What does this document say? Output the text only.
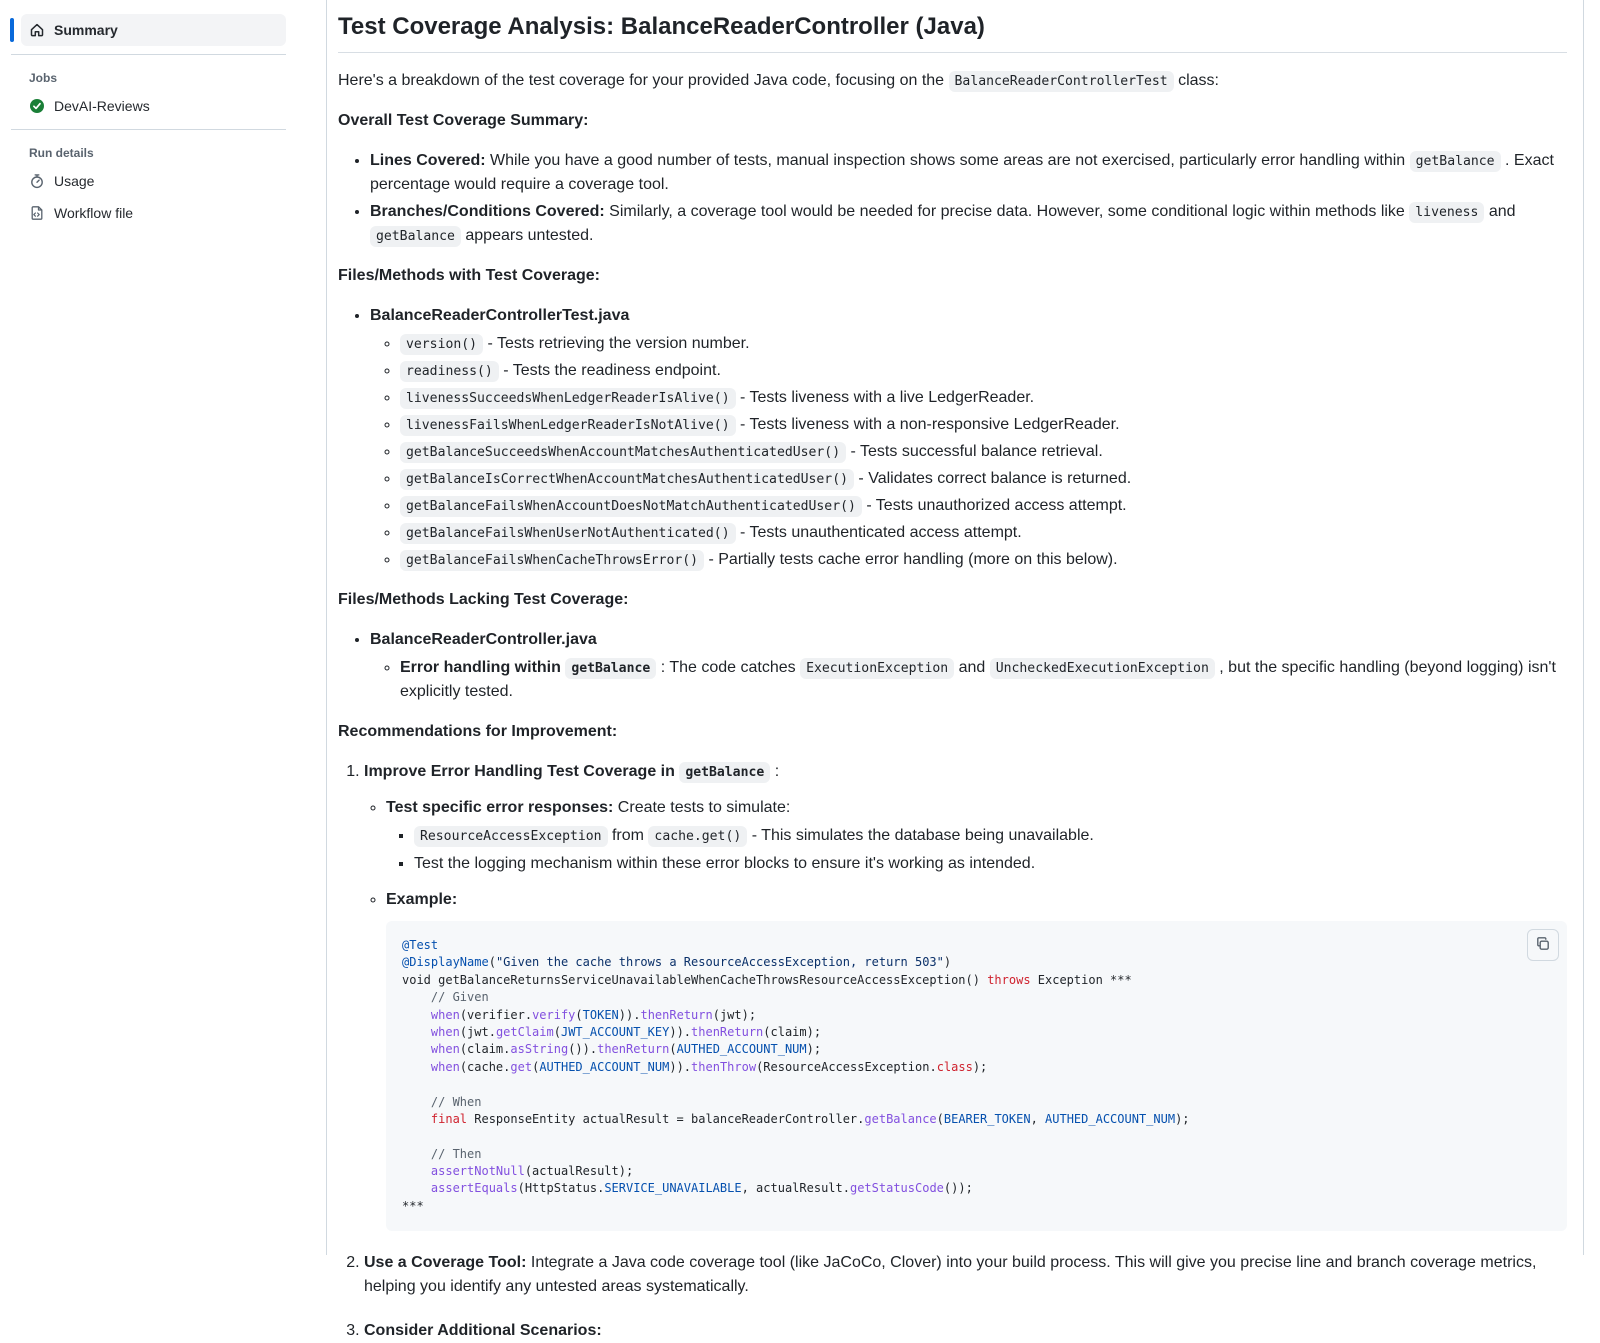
Summary
Jobs
DevAI-Reviews
Run details
Usage
Workflow file
Test Coverage Analysis: BalanceReaderController (Java)

Here's a breakdown of the test coverage for your provided Java code, focusing on the BalanceReaderControllerTest class:

Overall Test Coverage Summary:

• Lines Covered: While you have a good number of tests, manual inspection shows some areas are not exercised, particularly error handling within getBalance . Exact percentage would require a coverage tool.
• Branches/Conditions Covered: Similarly, a coverage tool would be needed for precise data. However, some conditional logic within methods like liveness and getBalance appears untested.

Files/Methods with Test Coverage:

• BalanceReaderControllerTest.java
◦ version() - Tests retrieving the version number.
◦ readiness() - Tests the readiness endpoint.
◦ livenessSucceedsWhenLedgerReaderIsAlive() - Tests liveness with a live LedgerReader.
◦ livenessFailsWhenLedgerReaderIsNotAlive() - Tests liveness with a non-responsive LedgerReader.
◦ getBalanceSucceedsWhenAccountMatchesAuthenticatedUser() - Tests successful balance retrieval.
◦ getBalanceIsCorrectWhenAccountMatchesAuthenticatedUser() - Validates correct balance is returned.
◦ getBalanceFailsWhenAccountDoesNotMatchAuthenticatedUser() - Tests unauthorized access attempt.
◦ getBalanceFailsWhenUserNotAuthenticated() - Tests unauthenticated access attempt.
◦ getBalanceFailsWhenCacheThrowsError() - Partially tests cache error handling (more on this below).

Files/Methods Lacking Test Coverage:

• BalanceReaderController.java
◦ Error handling within getBalance : The code catches ExecutionException and UncheckedExecutionException , but the specific handling (beyond logging) isn't explicitly tested.

Recommendations for Improvement:

1. Improve Error Handling Test Coverage in getBalance :
◦ Test specific error responses: Create tests to simulate:
▪ ResourceAccessException from cache.get() - This simulates the database being unavailable.
▪ Test the logging mechanism within these error blocks to ensure it's working as intended.
◦ Example:
@Test
@DisplayName("Given the cache throws a ResourceAccessException, return 503")
void getBalanceReturnsServiceUnavailableWhenCacheThrowsResourceAccessException() throws Exception ***
// Given
when(verifier.verify(TOKEN)).thenReturn(jwt);
when(jwt.getClaim(JWT_ACCOUNT_KEY)).thenReturn(claim);
when(claim.asString()).thenReturn(AUTHED_ACCOUNT_NUM);
when(cache.get(AUTHED_ACCOUNT_NUM)).thenThrow(ResourceAccessException.class);

// When
final ResponseEntity actualResult = balanceReaderController.getBalance(BEARER_TOKEN, AUTHED_ACCOUNT_NUM);

// Then
assertNotNull(actualResult);
assertEquals(HttpStatus.SERVICE_UNAVAILABLE, actualResult.getStatusCode());
***
2. Use a Coverage Tool: Integrate a Java code coverage tool (like JaCoCo, Clover) into your build process. This will give you precise line and branch coverage metrics, helping you identify any untested areas systematically.
3. Consider Additional Scenarios:
